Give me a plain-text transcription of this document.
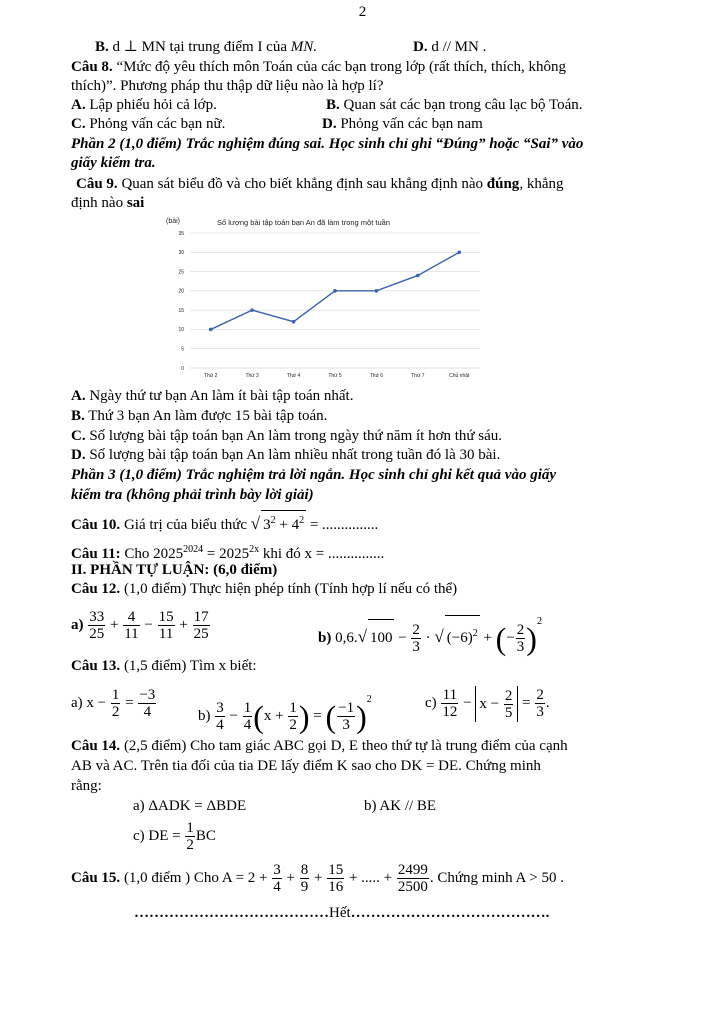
2
B. d ⊥ MN tại trung điểm I của MN.	D. d // MN .
Câu 8. “Mức độ yêu thích môn Toán của các bạn trong lớp (rất thích, thích, không
thích)”. Phương pháp thu thập dữ liệu nào là hợp lí?
A. Lập phiếu hỏi cả lớp.	B. Quan sát các bạn trong câu lạc bộ Toán.
C. Phỏng vấn các bạn nữ.	D. Phỏng vấn các bạn nam
Phần 2 (1,0 điểm) Trắc nghiệm đúng sai. Học sinh chỉ ghi “Đúng” hoặc “Sai” vào
giấy kiểm tra.
Câu 9. Quan sát biểu đồ và cho biết khẳng định sau khẳng định nào đúng, khẳng
định nào sai
Số lượng bài tập toán bạn An đã làm trong một tuần
(bài)
0
5
10
15
20
25
30
35
Thứ 2	Thứ 3	Thứ 4	Thứ 5	Thứ 6	Thứ 7	Chủ nhật
A. Ngày thứ tư bạn An làm ít bài tập toán nhất.
B. Thứ 3 bạn An làm được 15 bài tập toán.
C. Số lượng bài tập toán bạn An làm trong ngày thứ năm ít hơn thứ sáu.
D. Số lượng bài tập toán bạn An làm nhiều nhất trong tuần đó là 30 bài.
Phần 3 (1,0 điểm) Trắc nghiệm trả lời ngắn. Học sinh chỉ ghi kết quả vào giấy
kiểm tra (không phải trình bày lời giải)
Câu 10. Giá trị của biểu thức √ $3^2 + 4^2$ = ...............
Câu 11: Cho $2025^{2024} = 2025^{2x}$ khi đó x = ...............
II. PHẦN TỰ LUẬN: (6,0 điểm)
Câu 12. (1,0 điểm) Thực hiện phép tính (Tính hợp lí nếu có thể)
$a) \frac{33}{25} + \frac{4}{11} - \frac{15}{11} + \frac{17}{25}$	b) 0,6.√ $100 - \frac{2}{3}$ · √ $(-6)^2$ + (− $\frac{2}{3} )^2$
Câu 13. (1,5 điểm) Tìm x biết:
a) $x - \frac{1}{2} = \frac{-3}{4}$	$b) \frac{3}{4} - \frac{1}{4} (x + \frac{1}{2}$ ) = ( $\frac{-1}{3} )^2$	$c) \frac{11}{12} - x - \frac{2}{5} = \frac{2}{3}$ .
Câu 14. (2,5 điểm) Cho tam giác ABC gọi D, E theo thứ tự là trung điểm của cạnh
AB và AC. Trên tia đối của tia DE lấy điểm K sao cho DK = DE. Chứng minh
rằng:
a) ΔADK = ΔBDE	b) AK // BE
c) DE = $\frac{1}{2}$ BC
Câu 15. (1,0 điểm ) Cho $A = 2 + \frac{3}{4} + \frac{8}{9} + \frac{15}{16}$ + ..... + $\frac{2499}{2500}$ . Chứng minh A > 50 .
…………………………………Hết………………………………….
